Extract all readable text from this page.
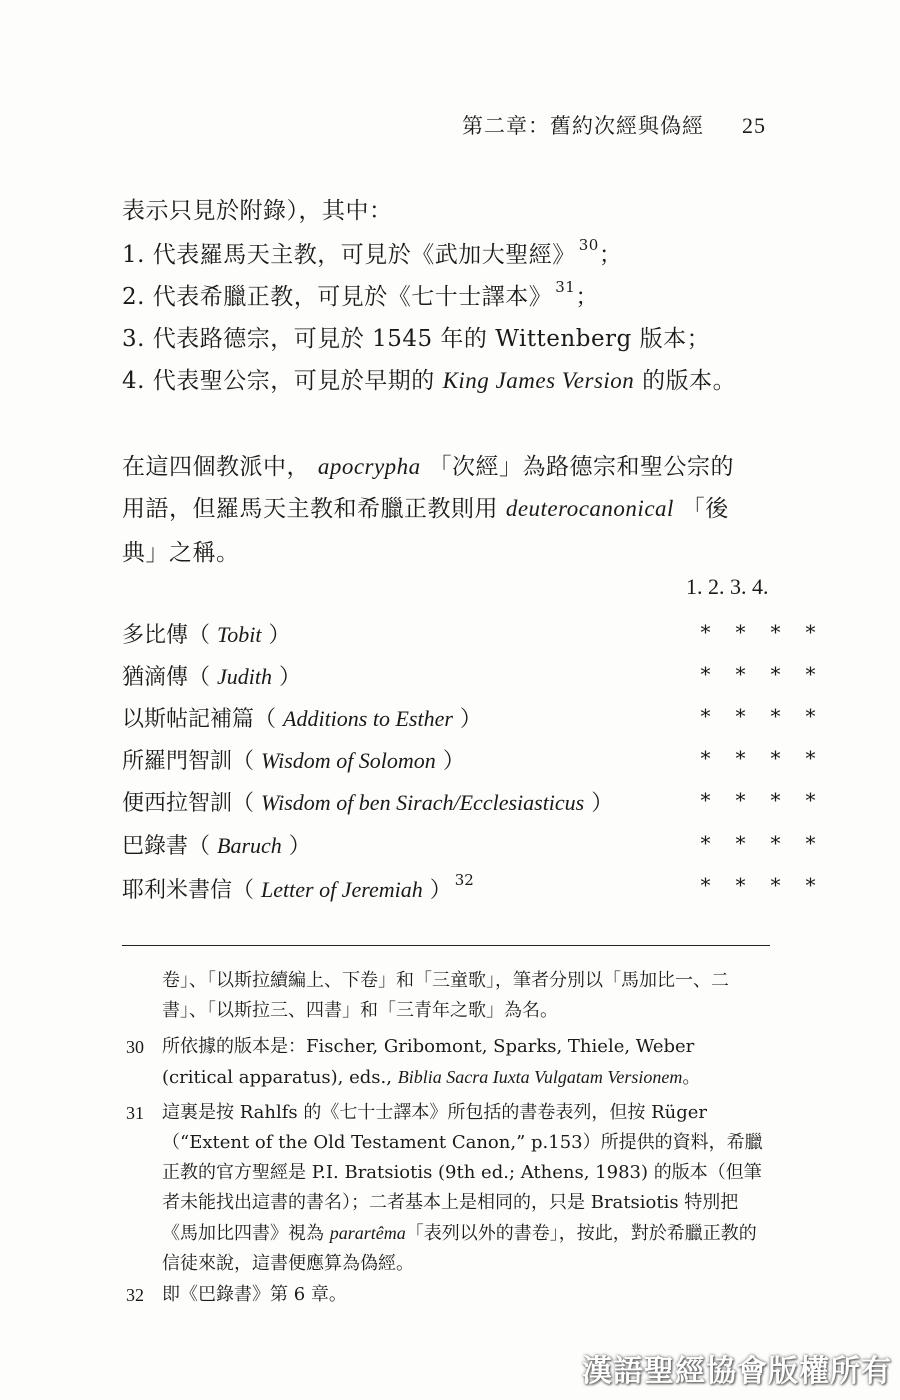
第二章：舊約次經與偽經 25
表示只見於附錄），其中：
1. 代表羅馬天主教，可見於《武加大聖經》 $^{30}$；
2. 代表希臘正教，可見於《七十士譯本》 $^{31}$；
3. 代表路德宗，可見於 1545 年的 Wittenberg 版本；
4. 代表聖公宗，可見於早期的 King James Version 的版本。
在這四個教派中， apocrypha 「次經」為路德宗和聖公宗的
用語，但羅馬天主教和希臘正教則用 deuterocanonical 「後
典」之稱。
1. 2. 3. 4.
多比傳（ Tobit ）	* * * *
猶滴傳（ Judith ）	* * * *
以斯帖記補篇（ Additions to Esther ）	* * * *
所羅門智訓（ Wisdom of Solomon ）	* * * *
便西拉智訓（ Wisdom of ben Sirach/Ecclesiasticus ）	* * * *
巴錄書（ Baruch ）	* * * *
耶利米書信（ Letter of Jeremiah ） $^{32}$	* * * *
卷」、「以斯拉續編上、下卷」和「三童歌」，筆者分別以「馬加比一、二書」、「以斯拉三、四書」和「三青年之歌」為名。
30 所依據的版本是：Fischer, Gribomont, Sparks, Thiele, Weber (critical apparatus), eds., Biblia Sacra Iuxta Vulgatam Versionem。
31 這裏是按 Rahlfs 的《七十士譯本》所包括的書卷表列，但按 Rüger（“Extent of the Old Testament Canon,” p.153）所提供的資料，希臘正教的官方聖經是 P.I. Bratsiotis (9th ed.; Athens, 1983) 的版本（但筆者未能找出這書的書名）；二者基本上是相同的，只是 Bratsiotis 特別把《馬加比四書》視為 parartêma「表列以外的書卷」，按此，對於希臘正教的信徒來說，這書便應算為偽經。
32 即《巴錄書》第 6 章。
漢語聖經協會版權所有
